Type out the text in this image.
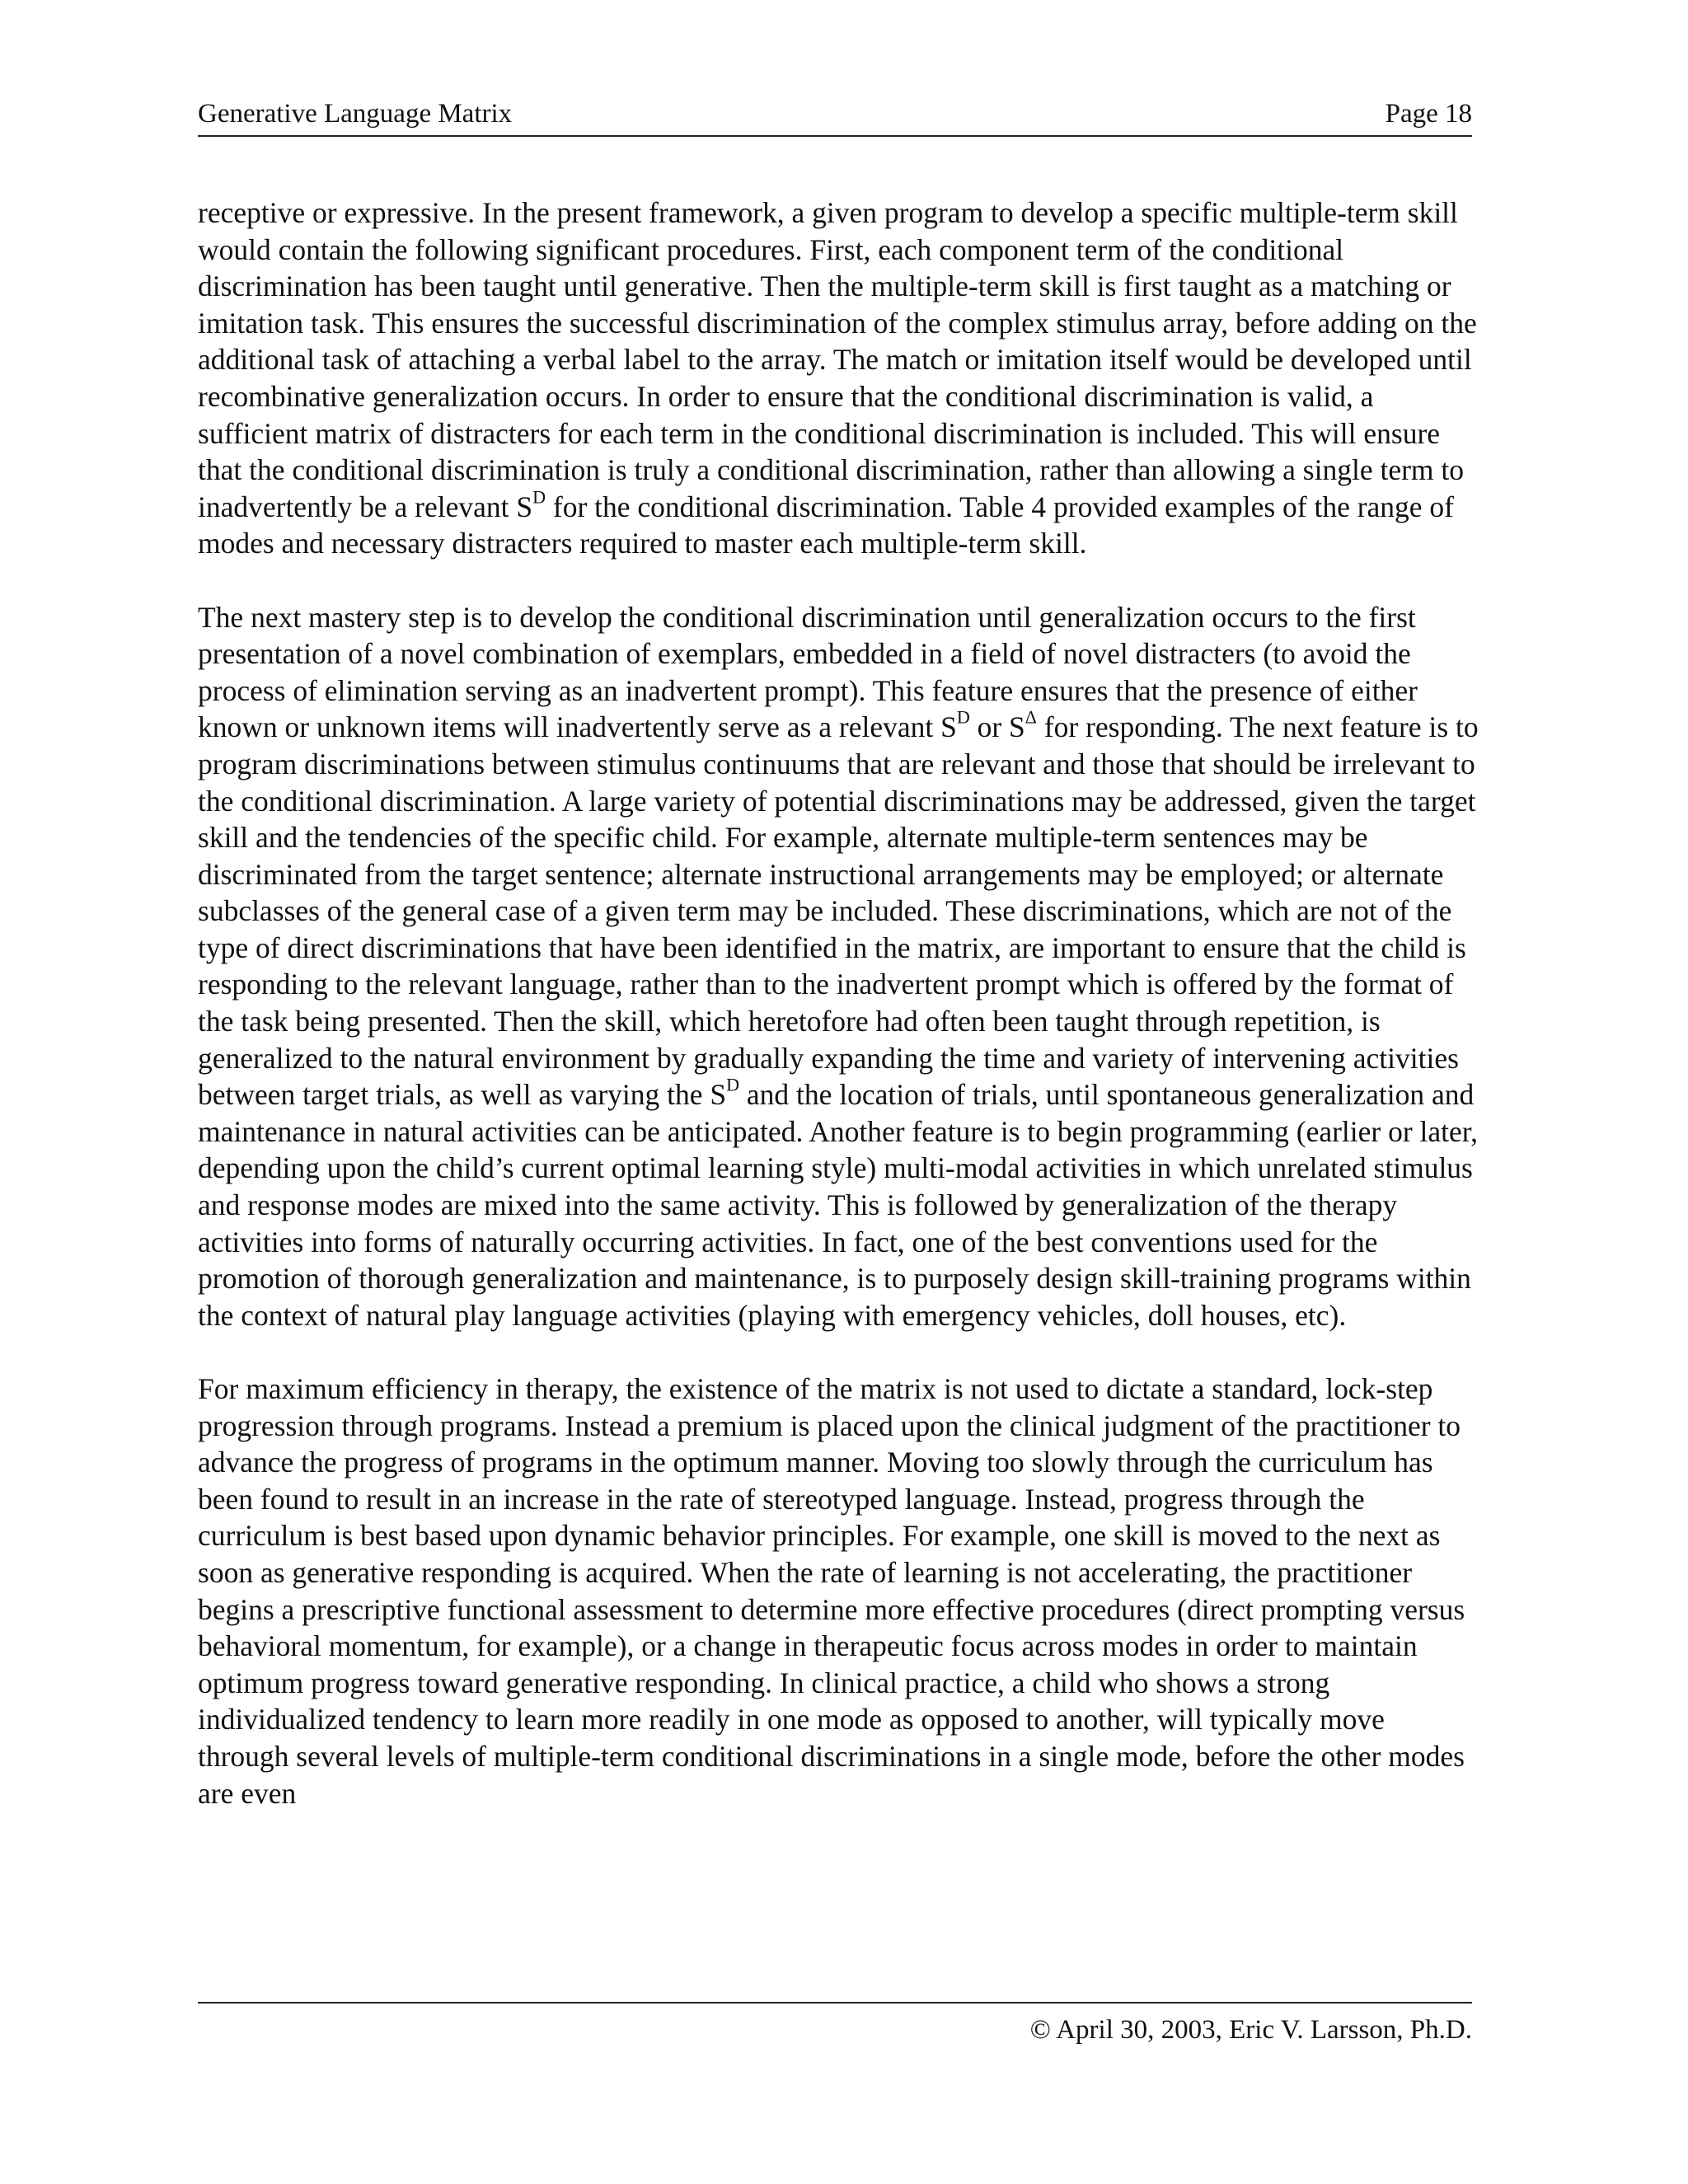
Generative Language Matrix	Page 18

receptive or expressive. In the present framework, a given program to develop a specific multiple-term skill would contain the following significant procedures. First, each component term of the conditional discrimination has been taught until generative. Then the multiple-term skill is first taught as a matching or imitation task. This ensures the successful discrimination of the complex stimulus array, before adding on the additional task of attaching a verbal label to the array. The match or imitation itself would be developed until recombinative generalization occurs. In order to ensure that the conditional discrimination is valid, a sufficient matrix of distracters for each term in the conditional discrimination is included. This will ensure that the conditional discrimination is truly a conditional discrimination, rather than allowing a single term to inadvertently be a relevant $S^D$ for the conditional discrimination. Table 4 provided examples of the range of modes and necessary distracters required to master each multiple-term skill.

The next mastery step is to develop the conditional discrimination until generalization occurs to the first presentation of a novel combination of exemplars, embedded in a field of novel distracters (to avoid the process of elimination serving as an inadvertent prompt). This feature ensures that the presence of either known or unknown items will inadvertently serve as a relevant $S^D$ or $S^\Delta$ for responding. The next feature is to program discriminations between stimulus continuums that are relevant and those that should be irrelevant to the conditional discrimination. A large variety of potential discriminations may be addressed, given the target skill and the tendencies of the specific child. For example, alternate multiple-term sentences may be discriminated from the target sentence; alternate instructional arrangements may be employed; or alternate subclasses of the general case of a given term may be included. These discriminations, which are not of the type of direct discriminations that have been identified in the matrix, are important to ensure that the child is responding to the relevant language, rather than to the inadvertent prompt which is offered by the format of the task being presented. Then the skill, which heretofore had often been taught through repetition, is generalized to the natural environment by gradually expanding the time and variety of intervening activities between target trials, as well as varying the $S^D$ and the location of trials, until spontaneous generalization and maintenance in natural activities can be anticipated. Another feature is to begin programming (earlier or later, depending upon the child’s current optimal learning style) multi-modal activities in which unrelated stimulus and response modes are mixed into the same activity. This is followed by generalization of the therapy activities into forms of naturally occurring activities. In fact, one of the best conventions used for the promotion of thorough generalization and maintenance, is to purposely design skill-training programs within the context of natural play language activities (playing with emergency vehicles, doll houses, etc).

For maximum efficiency in therapy, the existence of the matrix is not used to dictate a standard, lock-step progression through programs. Instead a premium is placed upon the clinical judgment of the practitioner to advance the progress of programs in the optimum manner. Moving too slowly through the curriculum has been found to result in an increase in the rate of stereotyped language. Instead, progress through the curriculum is best based upon dynamic behavior principles. For example, one skill is moved to the next as soon as generative responding is acquired. When the rate of learning is not accelerating, the practitioner begins a prescriptive functional assessment to determine more effective procedures (direct prompting versus behavioral momentum, for example), or a change in therapeutic focus across modes in order to maintain optimum progress toward generative responding. In clinical practice, a child who shows a strong individualized tendency to learn more readily in one mode as opposed to another, will typically move through several levels of multiple-term conditional discriminations in a single mode, before the other modes are even

© April 30, 2003, Eric V. Larsson, Ph.D.
